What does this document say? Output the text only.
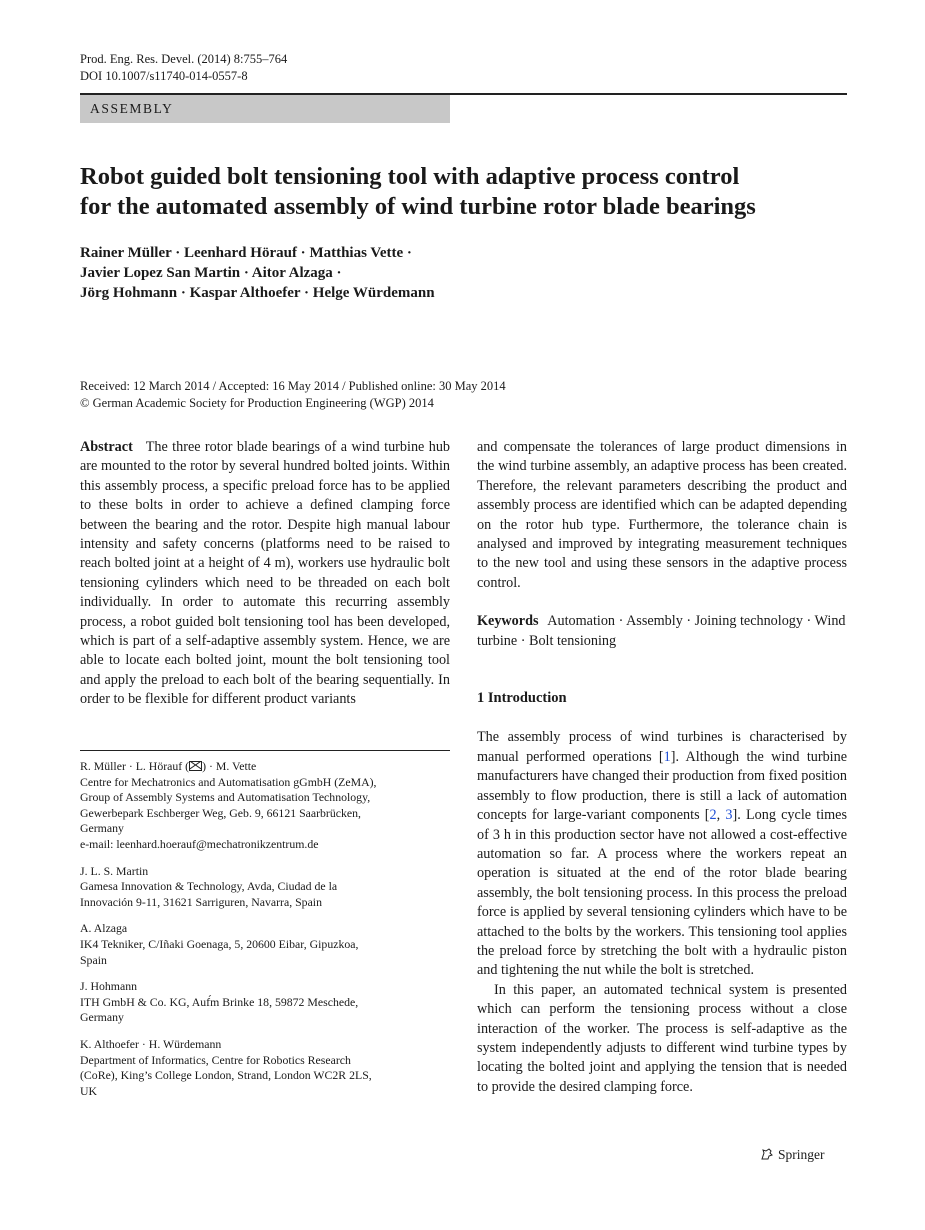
Prod. Eng. Res. Devel. (2014) 8:755–764
DOI 10.1007/s11740-014-0557-8
ASSEMBLY
Robot guided bolt tensioning tool with adaptive process control
for the automated assembly of wind turbine rotor blade bearings
Rainer Müller · Leenhard Hörauf · Matthias Vette ·
Javier Lopez San Martin · Aitor Alzaga ·
Jörg Hohmann · Kaspar Althoefer · Helge Würdemann
Received: 12 March 2014 / Accepted: 16 May 2014 / Published online: 30 May 2014
© German Academic Society for Production Engineering (WGP) 2014

Abstract The three rotor blade bearings of a wind turbine hub are mounted to the rotor by several hundred bolted joints. Within this assembly process, a specific preload force has to be applied to these bolts in order to achieve a defined clamping force between the bearing and the rotor. Despite high manual labour intensity and safety concerns (platforms need to be raised to reach bolted joint at a height of 4 m), workers use hydraulic bolt tensioning cylinders which need to be threaded on each bolt individually. In order to automate this recurring assembly process, a robot guided bolt tensioning tool has been developed, which is part of a self-adaptive assembly system. Hence, we are able to locate each bolted joint, mount the bolt tensioning tool and apply the preload to each bolt of the bearing sequentially. In order to be flexible for different product variants

R. Müller · L. Hörauf ( ) · M. Vette
Centre for Mechatronics and Automatisation gGmbH (ZeMA),
Group of Assembly Systems and Automatisation Technology,
Gewerbepark Eschberger Weg, Geb. 9, 66121 Saarbrücken,
Germany
e-mail: leenhard.hoerauf@mechatronikzentrum.de
J. L. S. Martin
Gamesa Innovation & Technology, Avda, Ciudad de la
Innovación 9-11, 31621 Sarriguren, Navarra, Spain
A. Alzaga
IK4 Tekniker, C/Iñaki Goenaga, 5, 20600 Eibar, Gipuzkoa,
Spain
J. Hohmann
ITH GmbH & Co. KG, Auf́m Brinke 18, 59872 Meschede,
Germany
K. Althoefer · H. Würdemann
Department of Informatics, Centre for Robotics Research
(CoRe), King’s College London, Strand, London WC2R 2LS,
UK

and compensate the tolerances of large product dimensions in the wind turbine assembly, an adaptive process has been created. Therefore, the relevant parameters describing the product and assembly process are identified which can be adapted depending on the rotor hub type. Furthermore, the tolerance chain is analysed and improved by integrating measurement techniques to the new tool and using these sensors in the adaptive process control.

Keywords Automation · Assembly · Joining technology · Wind turbine · Bolt tensioning

1 Introduction

The assembly process of wind turbines is characterised by manual performed operations [1]. Although the wind turbine manufacturers have changed their production from fixed position assembly to flow production, there is still a lack of automation concepts for large-variant components [2, 3]. Long cycle times of 3 h in this production sector have not allowed a cost-effective automation so far. A process where the workers repeat an operation is situated at the end of the rotor blade bearing assembly, the bolt tensioning process. In this process the preload force is applied by several tensioning cylinders which have to be attached to the bolts by the workers. This tensioning tool applies the preload force by stretching the bolt with a hydraulic piston and tightening the nut while the bolt is stretched.

In this paper, an automated technical system is presented which can perform the tensioning process without a close interaction of the worker. The process is self-adaptive as the system independently adjusts to different wind turbine types by locating the bolted joint and applying the tension that is needed to provide the desired clamping force.

Springer
